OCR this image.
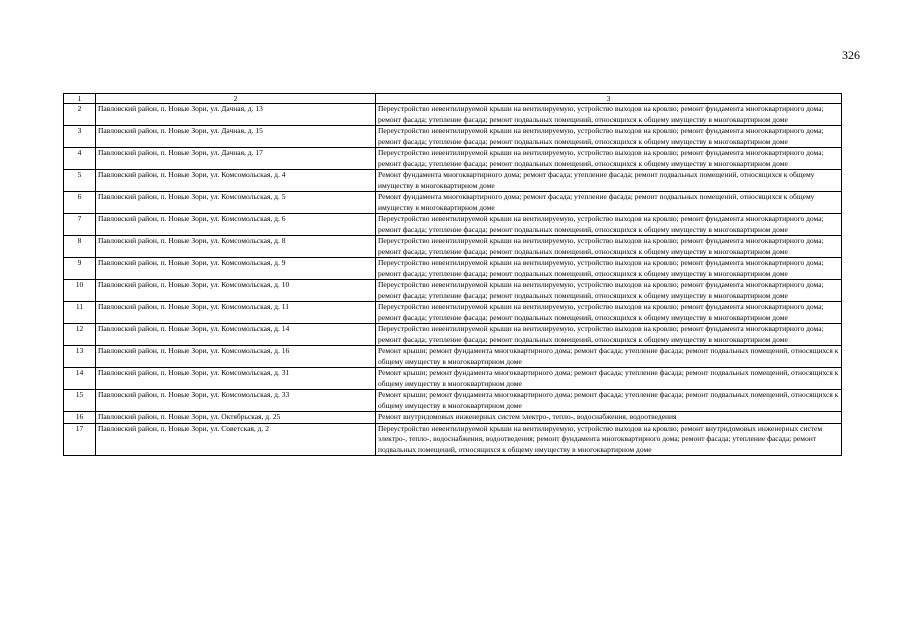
326
1	2	3
2	Павловский район, п. Новые Зори, ул. Дачная, д. 13	Переустройство невентилируемой крыши на вентилируемую, устройство выходов на кровлю; ремонт фундамента многоквартирного дома; ремонт фасада; утепление фасада; ремонт подвальных помещений, относящихся к общему имуществу в многоквартирном доме
3	Павловский район, п. Новые Зори, ул. Дачная, д. 15	Переустройство невентилируемой крыши на вентилируемую, устройство выходов на кровлю; ремонт фундамента многоквартирного дома; ремонт фасада; утепление фасада; ремонт подвальных помещений, относящихся к общему имуществу в многоквартирном доме
4	Павловский район, п. Новые Зори, ул. Дачная, д. 17	Переустройство невентилируемой крыши на вентилируемую, устройство выходов на кровлю; ремонт фундамента многоквартирного дома; ремонт фасада; утепление фасада; ремонт подвальных помещений, относящихся к общему имуществу в многоквартирном доме
5	Павловский район, п. Новые Зори, ул. Комсомольская, д. 4	Ремонт фундамента многоквартирного дома; ремонт фасада; утепление фасада; ремонт подвальных помещений, относящихся к общему имуществу в многоквартирном доме
6	Павловский район, п. Новые Зори, ул. Комсомольская, д. 5	Ремонт фундамента многоквартирного дома; ремонт фасада; утепление фасада; ремонт подвальных помещений, относящихся к общему имуществу в многоквартирном доме
7	Павловский район, п. Новые Зори, ул. Комсомольская, д. 6	Переустройство невентилируемой крыши на вентилируемую, устройство выходов на кровлю; ремонт фундамента многоквартирного дома; ремонт фасада; утепление фасада; ремонт подвальных помещений, относящихся к общему имуществу в многоквартирном доме
8	Павловский район, п. Новые Зори, ул. Комсомольская, д. 8	Переустройство невентилируемой крыши на вентилируемую, устройство выходов на кровлю; ремонт фундамента многоквартирного дома; ремонт фасада; утепление фасада; ремонт подвальных помещений, относящихся к общему имуществу в многоквартирном доме
9	Павловский район, п. Новые Зори, ул. Комсомольская, д. 9	Переустройство невентилируемой крыши на вентилируемую, устройство выходов на кровлю; ремонт фундамента многоквартирного дома; ремонт фасада; утепление фасада; ремонт подвальных помещений, относящихся к общему имуществу в многоквартирном доме
10	Павловский район, п. Новые Зори, ул. Комсомольская, д. 10	Переустройство невентилируемой крыши на вентилируемую, устройство выходов на кровлю; ремонт фундамента многоквартирного дома; ремонт фасада; утепление фасада; ремонт подвальных помещений, относящихся к общему имуществу в многоквартирном доме
11	Павловский район, п. Новые Зори, ул. Комсомольская, д. 11	Переустройство невентилируемой крыши на вентилируемую, устройство выходов на кровлю; ремонт фундамента многоквартирного дома; ремонт фасада; утепление фасада; ремонт подвальных помещений, относящихся к общему имуществу в многоквартирном доме
12	Павловский район, п. Новые Зори, ул. Комсомольская, д. 14	Переустройство невентилируемой крыши на вентилируемую, устройство выходов на кровлю; ремонт фундамента многоквартирного дома; ремонт фасада; утепление фасада; ремонт подвальных помещений, относящихся к общему имуществу в многоквартирном доме
13	Павловский район, п. Новые Зори, ул. Комсомольская, д. 16	Ремонт крыши; ремонт фундамента многоквартирного дома; ремонт фасада; утепление фасада; ремонт подвальных помещений, относящихся к общему имуществу в многоквартирном доме
14	Павловский район, п. Новые Зори, ул. Комсомольская, д. 31	Ремонт крыши; ремонт фундамента многоквартирного дома; ремонт фасада; утепление фасада; ремонт подвальных помещений, относящихся к общему имуществу в многоквартирном доме
15	Павловский район, п. Новые Зори, ул. Комсомольская, д. 33	Ремонт крыши; ремонт фундамента многоквартирного дома; ремонт фасада; утепление фасада; ремонт подвальных помещений, относящихся к общему имуществу в многоквартирном доме
16	Павловский район, п. Новые Зори, ул. Октябрьская, д. 25	Ремонт внутридомовых инженерных систем электро-, тепло-, водоснабжения, водоотведения
17	Павловский район, п. Новые Зори, ул. Советская, д. 2	Переустройство невентилируемой крыши на вентилируемую, устройство выходов на кровлю; ремонт внутридомовых инженерных систем электро-, тепло-, водоснабжения, водоотведения; ремонт фундамента многоквартирного дома; ремонт фасада; утепление фасада; ремонт подвальных помещений, относящихся к общему имуществу в многоквартирном доме
